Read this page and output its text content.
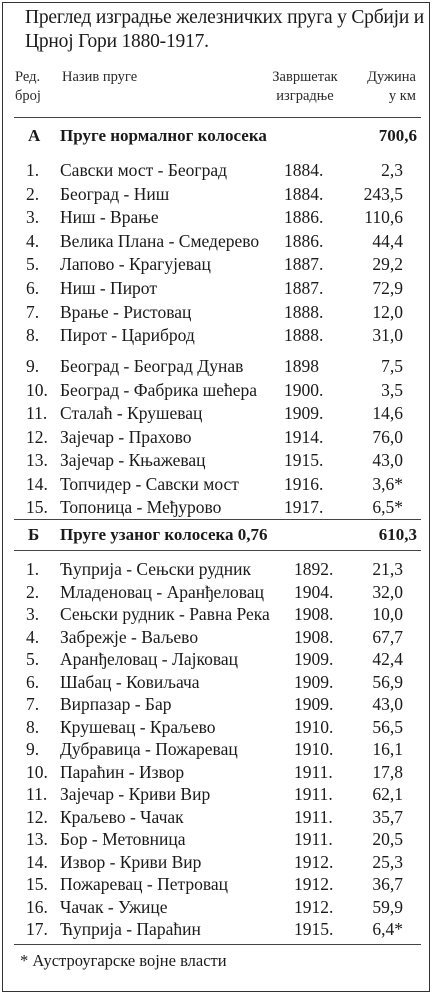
Преглед изградње железничких пруга у Србији и Црној Гори 1880-1917.
Ред.
број
Назив пруге	Завршетак
изградње
Дужина
у км
А Пруге нормалног колосека	700,6
1. Савски мост - Београд	1884.	2,3
2. Београд - Ниш	1884. 243,5
3. Ниш - Врање	1886. 110,6
4. Велика Плана - Смедерево 1886.	44,4
5. Лапово - Крагујевац	1887.	29,2
6. Ниш - Пирот	1887.	72,9
7. Врање - Ристовац	1888.	12,0
8. Пирот - Цариброд	1888.	31,0
9. Београд - Београд Дунав 1898	7,5
10. Београд - Фабрика шећера 1900.	3,5
11. Сталаћ - Крушевац	1909.	14,6
12. Зајечар - Прахово	1914.	76,0
13. Зајечар - Књажевац	1915.	43,0
14. Топчидер - Савски мост	1916.	3,6*
15. Топоница - Међурово	1917.	6,5*
Б Пруге узаног колосека 0,76	610,3
1. Ћуприја - Сењски рудник 1892. 21,3
2. Младеновац - Аранђеловац 1904. 32,0
3. Сењски рудник - Равна Река 1908. 10,0
4. Забрежје - Ваљево	1908. 67,7
5. Аранђеловац - Лајковац	1909. 42,4
6. Шабац - Ковиљача	1909. 56,9
7. Вирпазар - Бар	1909. 43,0
8. Крушевац - Краљево	1910. 56,5
9. Дубравица - Пожаревац	1910. 16,1
10. Параћин - Извор	1911. 17,8
11. Зајечар - Криви Вир	1911. 62,1
12. Краљево - Чачак	1911. 35,7
13. Бор - Метовница	1911. 20,5
14. Извор - Криви Вир	1912. 25,3
15. Пожаревац - Петровац	1912. 36,7
16. Чачак - Ужице	1912. 59,9
17. Ћуприја - Параћин	1915. 6,4*
* Аустроугарске војне власти
